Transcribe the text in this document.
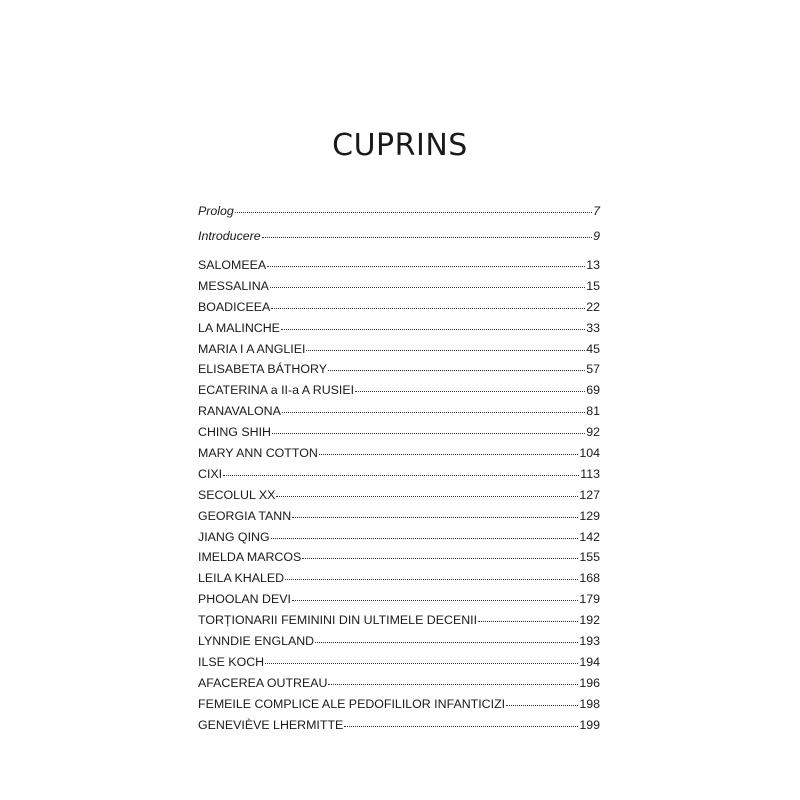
CUPRINS
Prolog	7
Introducere	9
SALOMEEA	13
MESSALINA	15
BOADICEEA	22
LA MALINCHE	33
MARIA I A ANGLIEI	45
ELISABETA BÁTHORY	57
ECATERINA a II-a A RUSIEI	69
RANAVALONA	81
CHING SHIH	92
MARY ANN COTTON	104
CIXI	113
SECOLUL XX	127
GEORGIA TANN	129
JIANG QING	142
IMELDA MARCOS	155
LEILA KHALED	168
PHOOLAN DEVI	179
TORȚIONARII FEMININI DIN ULTIMELE DECENII	192
LYNNDIE ENGLAND	193
ILSE KOCH	194
AFACEREA OUTREAU	196
FEMEILE COMPLICE ALE PEDOFILILOR INFANTICIZI	198
GENEVIÈVE LHERMITTE	199
